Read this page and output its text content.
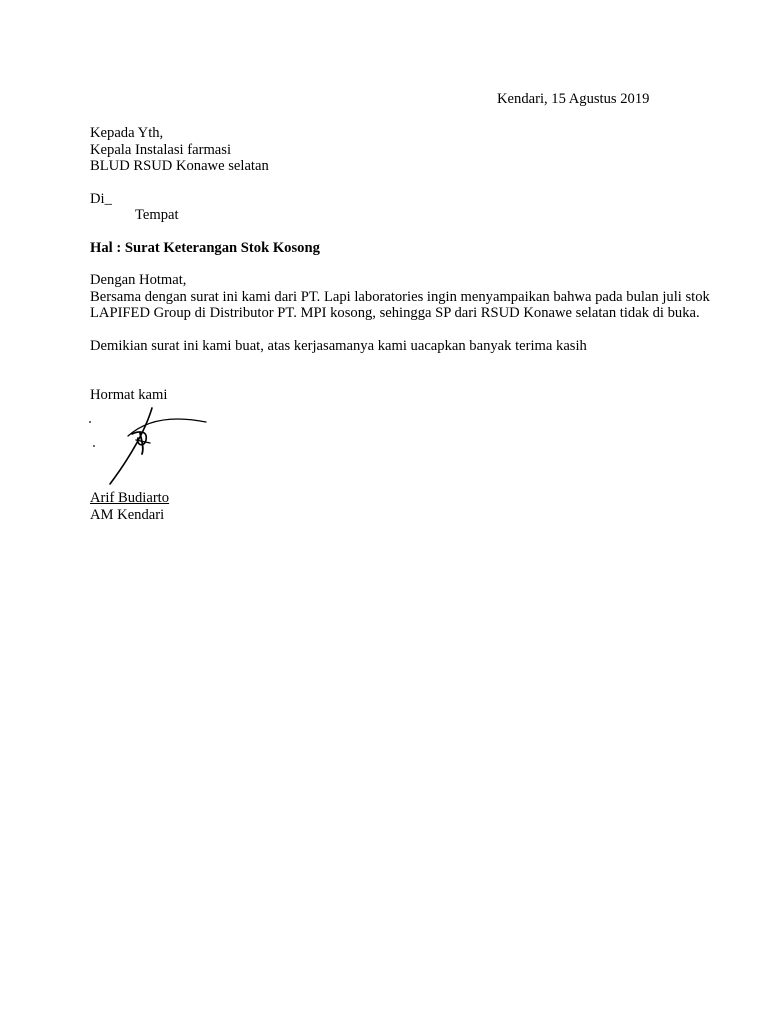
Kendari, 15 Agustus 2019
Kepada Yth,
Kepala Instalasi farmasi
BLUD RSUD Konawe selatan
Di_
Tempat
Hal : Surat Keterangan Stok Kosong
Dengan Hotmat,
Bersama dengan surat ini kami dari PT. Lapi laboratories ingin menyampaikan bahwa pada bulan juli stok
LAPIFED Group di Distributor PT. MPI kosong, sehingga SP dari RSUD Konawe selatan tidak di buka.
Demikian surat ini kami buat, atas kerjasamanya kami uacapkan banyak terima kasih
Hormat kami
Arif Budiarto
AM Kendari
